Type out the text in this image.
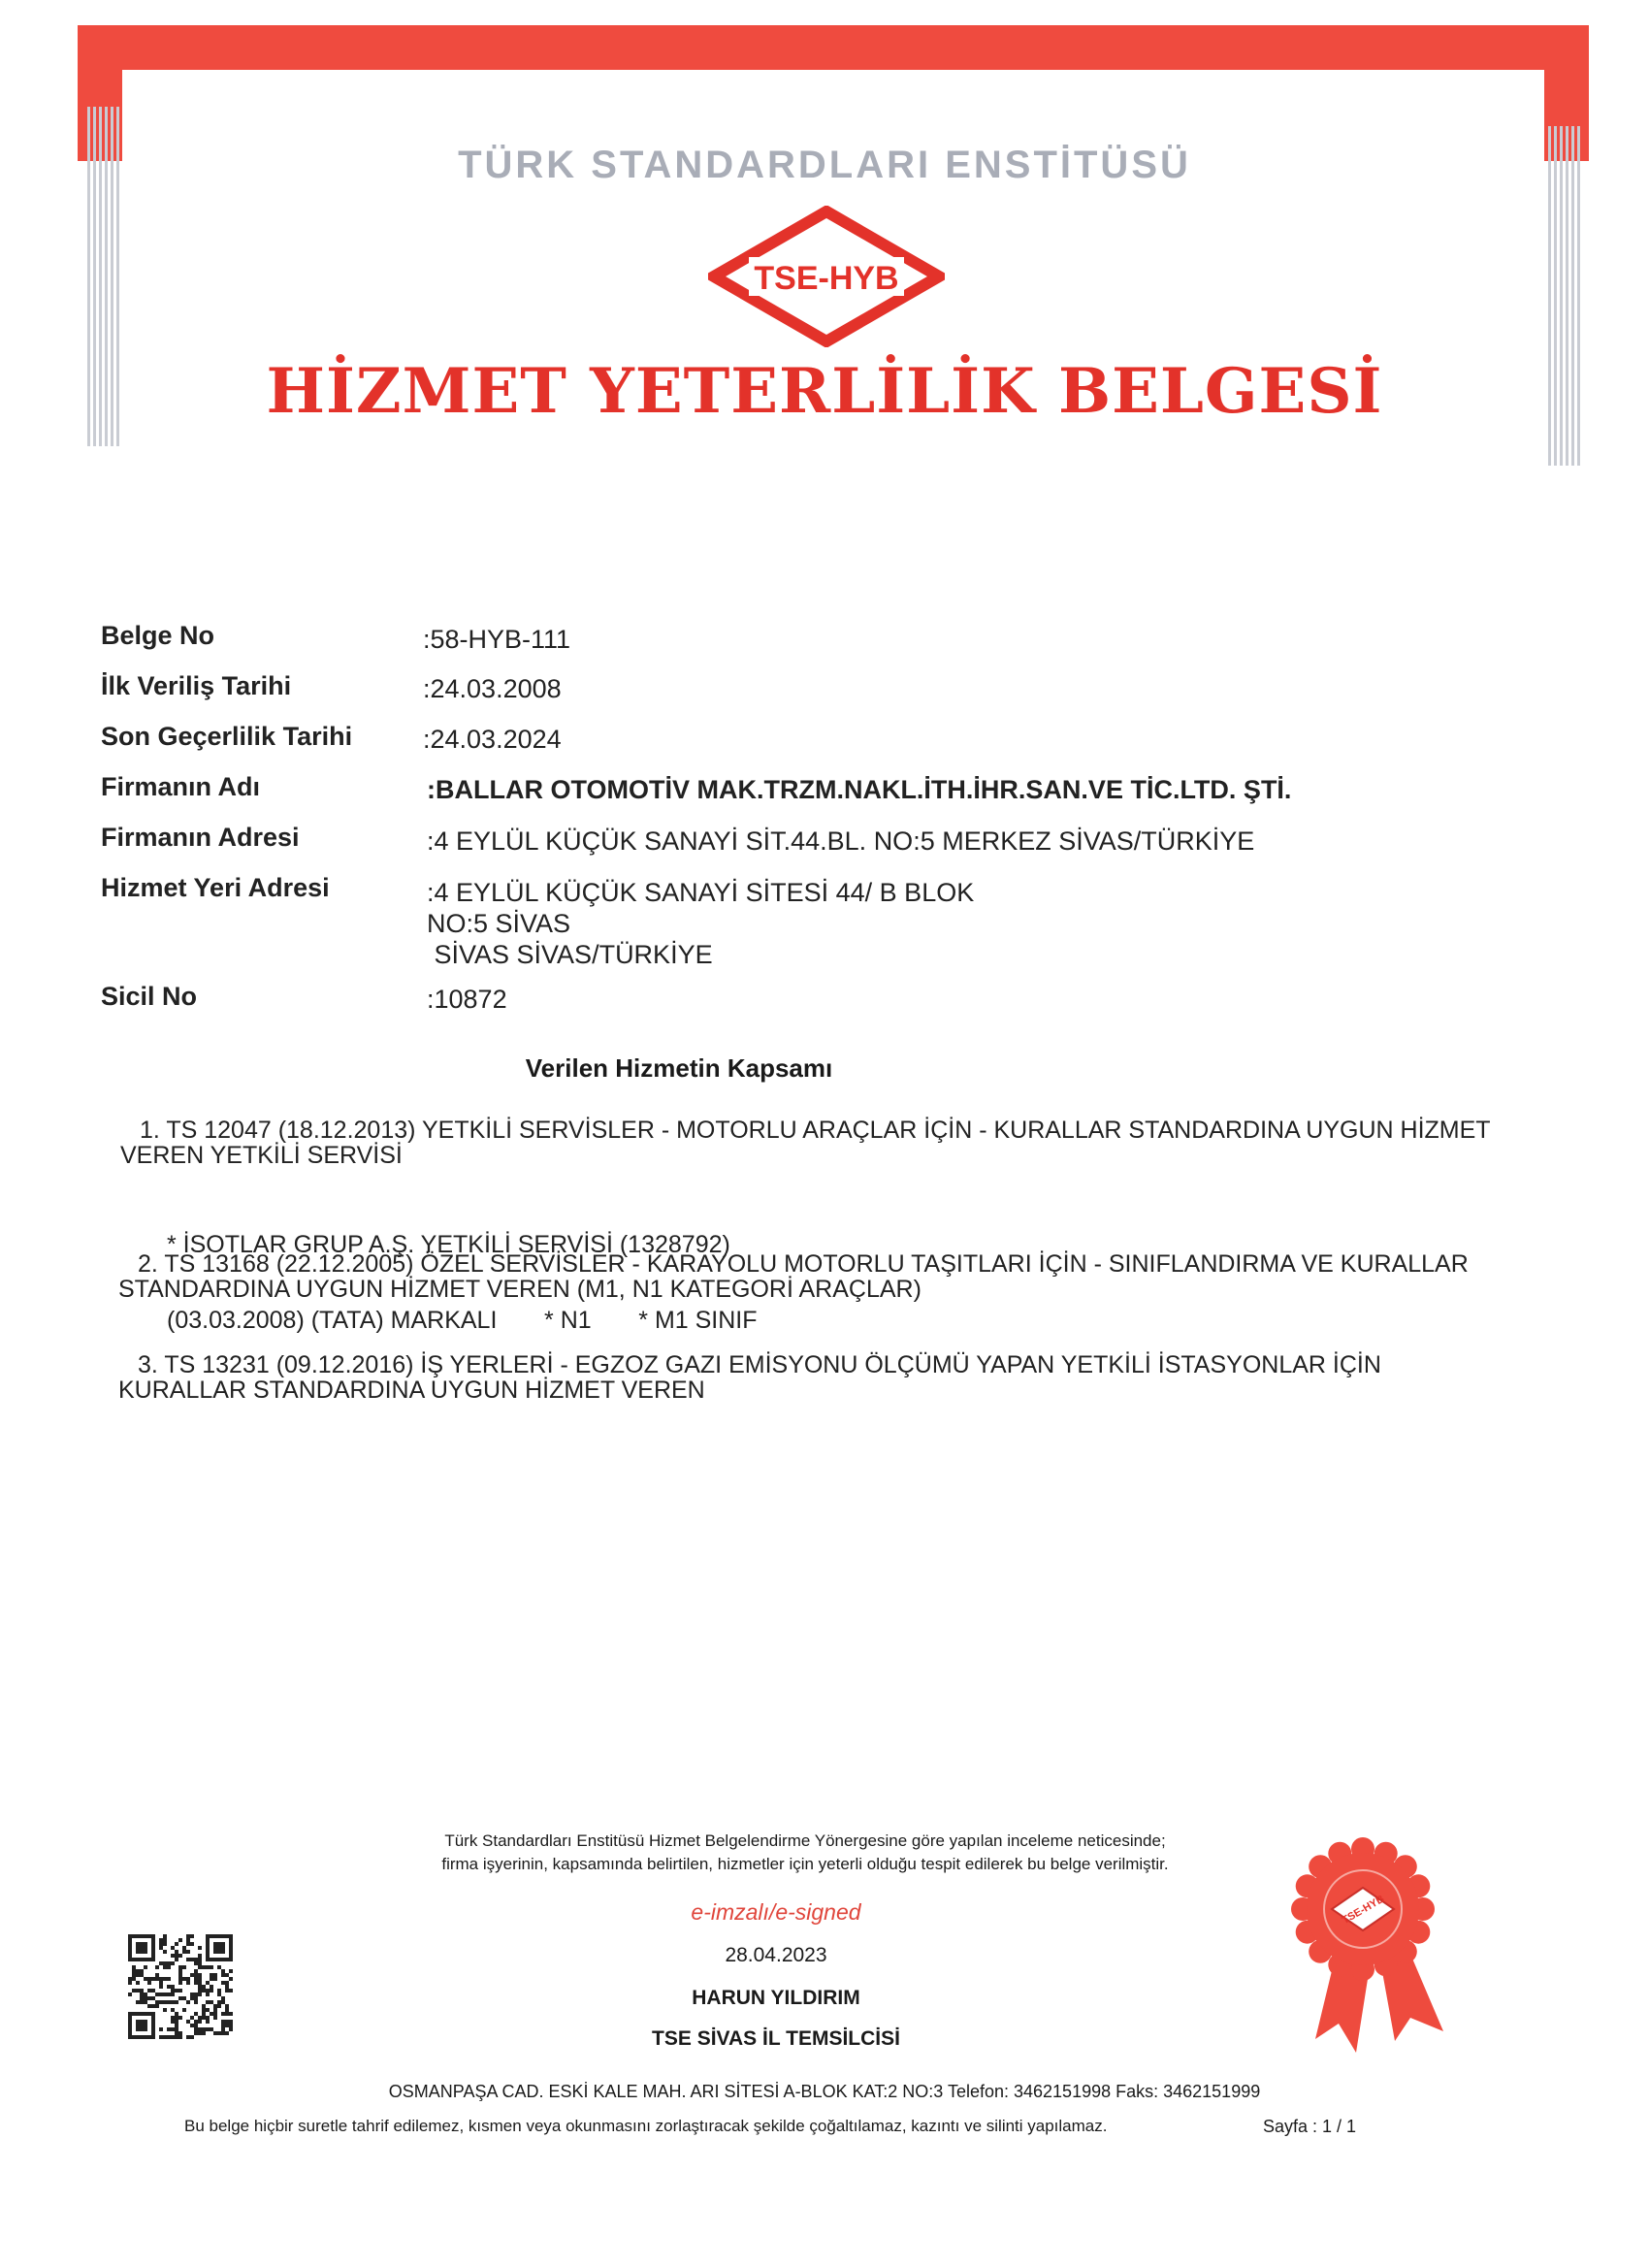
TÜRK STANDARDLARI ENSTİTÜSÜ
TSE-HYB
HİZMET YETERLİLİK BELGESİ
Belge No	:58-HYB-111
İlk Veriliş Tarihi	:24.03.2008
Son Geçerlilik Tarihi	:24.03.2024
Firmanın Adı	:BALLAR OTOMOTİV MAK.TRZM.NAKL.İTH.İHR.SAN.VE TİC.LTD. ŞTİ.
Firmanın Adresi	:4 EYLÜL KÜÇÜK SANAYİ SİT.44.BL. NO:5 MERKEZ SİVAS/TÜRKİYE
Hizmet Yeri Adresi	:4 EYLÜL KÜÇÜK SANAYİ SİTESİ 44/ B BLOK
NO:5 SİVAS
SİVAS SİVAS/TÜRKİYE
Sicil No	:10872
Verilen Hizmetin Kapsamı
1. TS 12047 (18.12.2013) YETKİLİ SERVİSLER - MOTORLU ARAÇLAR İÇİN - KURALLAR STANDARDINA UYGUN HİZMET
VEREN YETKİLİ SERVİSİ

* İSOTLAR GRUP A.Ş. YETKİLİ SERVİSİ (1328792)

(03.03.2008) (TATA) MARKALI       * N1       * M1 SINIF

2. TS 13168 (22.12.2005) ÖZEL SERVİSLER - KARAYOLU MOTORLU TAŞITLARI İÇİN - SINIFLANDIRMA VE KURALLAR
STANDARDINA UYGUN HİZMET VEREN (M1, N1 KATEGORİ ARAÇLAR)
3. TS 13231 (09.12.2016) İŞ YERLERİ - EGZOZ GAZI EMİSYONU ÖLÇÜMÜ YAPAN YETKİLİ İSTASYONLAR İÇİN
KURALLAR STANDARDINA UYGUN HİZMET VEREN
Türk Standardları Enstitüsü Hizmet Belgelendirme Yönergesine göre yapılan inceleme neticesinde;
firma işyerinin, kapsamında belirtilen, hizmetler için yeterli olduğu tespit edilerek bu belge verilmiştir.
e-imzalı/e-signed
28.04.2023
HARUN YILDIRIM
TSE SİVAS İL TEMSİLCİSİ
OSMANPAŞA CAD. ESKİ KALE MAH. ARI SİTESİ A-BLOK KAT:2 NO:3 Telefon: 3462151998 Faks: 3462151999
Bu belge hiçbir suretle tahrif edilemez, kısmen veya okunmasını zorlaştıracak şekilde çoğaltılamaz, kazıntı ve silinti yapılamaz.	Sayfa : 1 / 1
TSE-HYB
